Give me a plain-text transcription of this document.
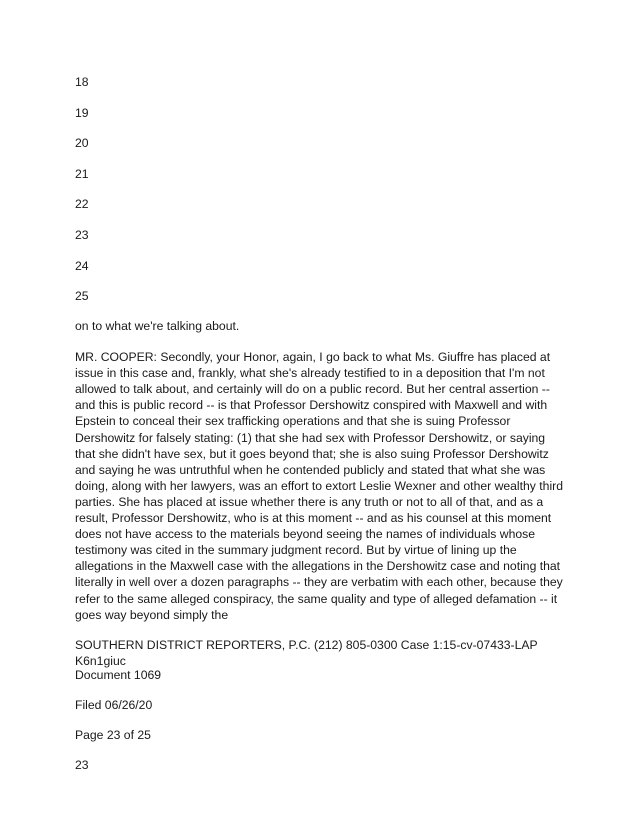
18
19
20
21
22
23
24
25

on to what we're talking about.

MR. COOPER: Secondly, your Honor, again, I go back to what Ms. Giuffre has placed at issue in this case and, frankly, what she's already testified to in a deposition that I'm not allowed to talk about, and certainly will do on a public record. But her central assertion -- and this is public record -- is that Professor Dershowitz conspired with Maxwell and with Epstein to conceal their sex trafficking operations and that she is suing Professor Dershowitz for falsely stating: (1) that she had sex with Professor Dershowitz, or saying that she didn't have sex, but it goes beyond that; she is also suing Professor Dershowitz and saying he was untruthful when he contended publicly and stated that what she was doing, along with her lawyers, was an effort to extort Leslie Wexner and other wealthy third parties. She has placed at issue whether there is any truth or not to all of that, and as a result, Professor Dershowitz, who is at this moment -- and as his counsel at this moment does not have access to the materials beyond seeing the names of individuals whose testimony was cited in the summary judgment record. But by virtue of lining up the allegations in the Maxwell case with the allegations in the Dershowitz case and noting that literally in well over a dozen paragraphs -- they are verbatim with each other, because they refer to the same alleged conspiracy, the same quality and type of alleged defamation -- it goes way beyond simply the

SOUTHERN DISTRICT REPORTERS, P.C. (212) 805-0300 Case 1:15-cv-07433-LAP K6n1giuc

Document 1069

Filed 06/26/20

Page 23 of 25

23
